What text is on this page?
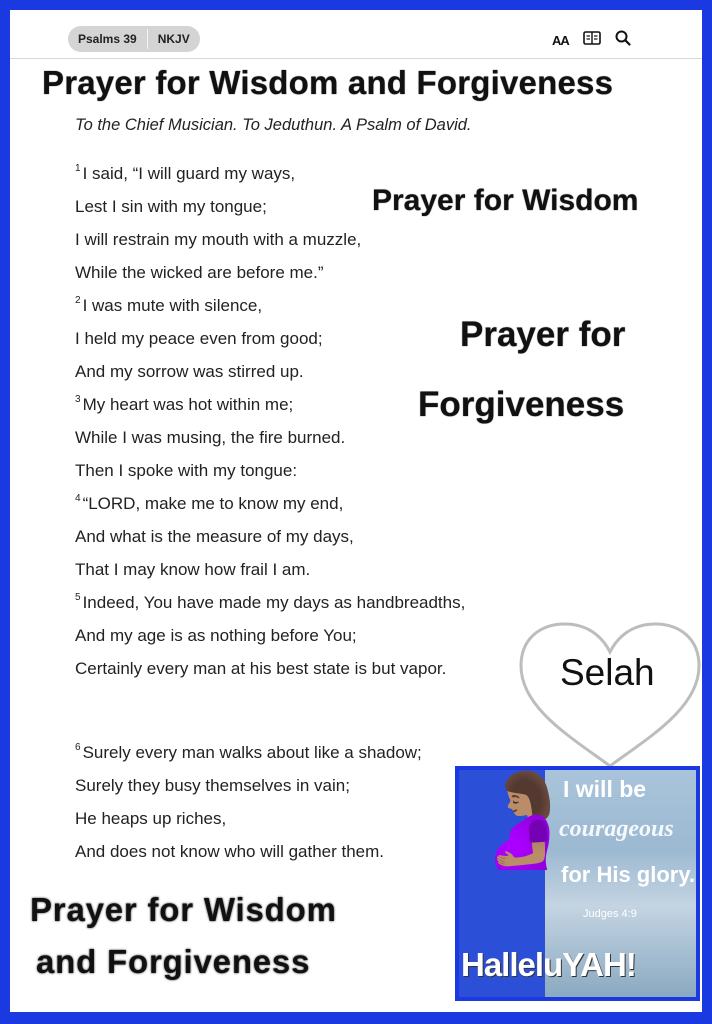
Psalms 39	NKJV	AA
Prayer for Wisdom and Forgiveness
To the Chief Musician. To Jeduthun. A Psalm of David.
$^1$ I said, “I will guard my ways,
Lest I sin with my tongue;
I will restrain my mouth with a muzzle,
While the wicked are before me.”
$^2$ I was mute with silence,
I held my peace even from good;
And my sorrow was stirred up.
$^3$ My heart was hot within me;
While I was musing, the fire burned.
Then I spoke with my tongue:
$^4$ “LORD, make me to know my end,
And what is the measure of my days,
That I may know how frail I am.
$^5$ Indeed, You have made my days as handbreadths,
And my age is as nothing before You;
Certainly every man at his best state is but vapor.
$^6$ Surely every man walks about like a shadow;
Surely they busy themselves in vain;
He heaps up riches,
And does not know who will gather them.
Prayer for Wisdom
Prayer for
Forgiveness
Selah
🤰🏽
I will be
courageous
for His glory.
Judges 4:9
HalleluYAH!
Prayer for Wisdom
and Forgiveness
